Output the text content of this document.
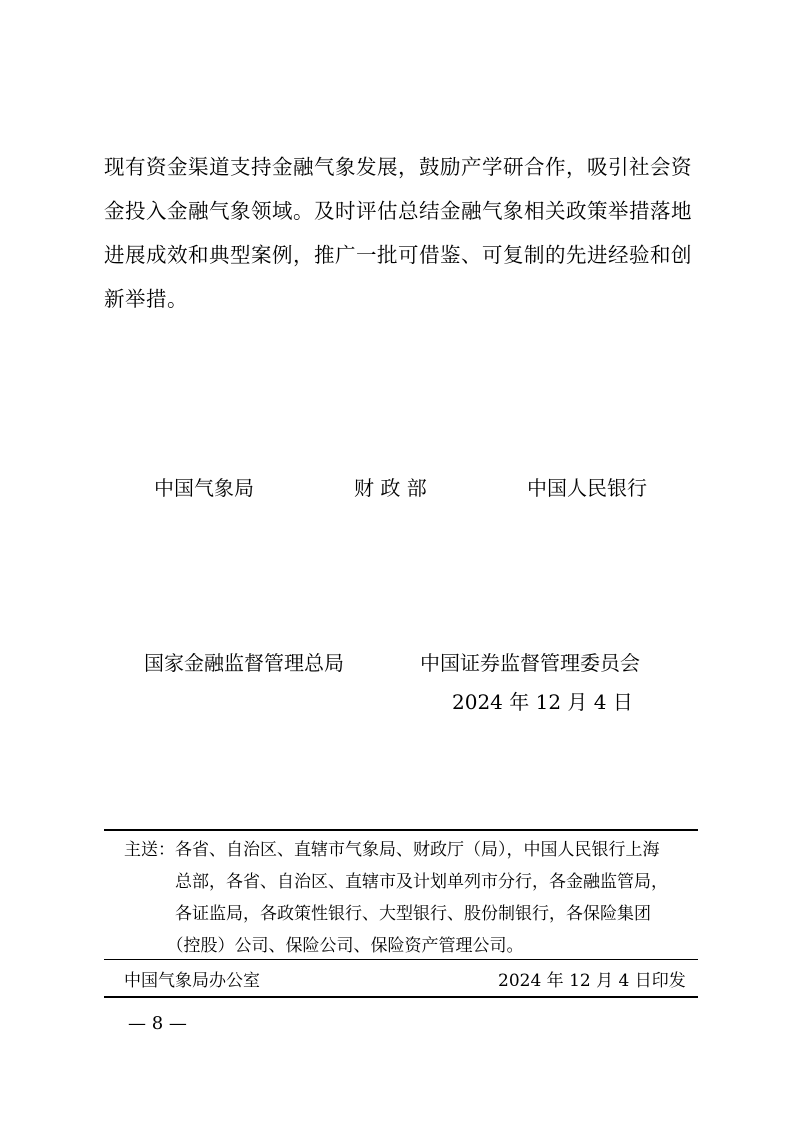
现有资金渠道支持金融气象发展，鼓励产学研合作，吸引社会资
金投入金融气象领域。及时评估总结金融气象相关政策举措落地
进展成效和典型案例，推广一批可借鉴、可复制的先进经验和创
新举措。
中国气象局	财 政 部	中国人民银行
国家金融监督管理总局	中国证券监督管理委员会
2024 年 12 月 4 日
主送：各省、自治区、直辖市气象局、财政厅（局），中国人民银行上海
　　　总部，各省、自治区、直辖市及计划单列市分行，各金融监管局，
　　　各证监局，各政策性银行、大型银行、股份制银行，各保险集团
　　　（控股）公司、保险公司、保险资产管理公司。
中国气象局办公室	2024 年 12 月 4 日印发
— 8 —
